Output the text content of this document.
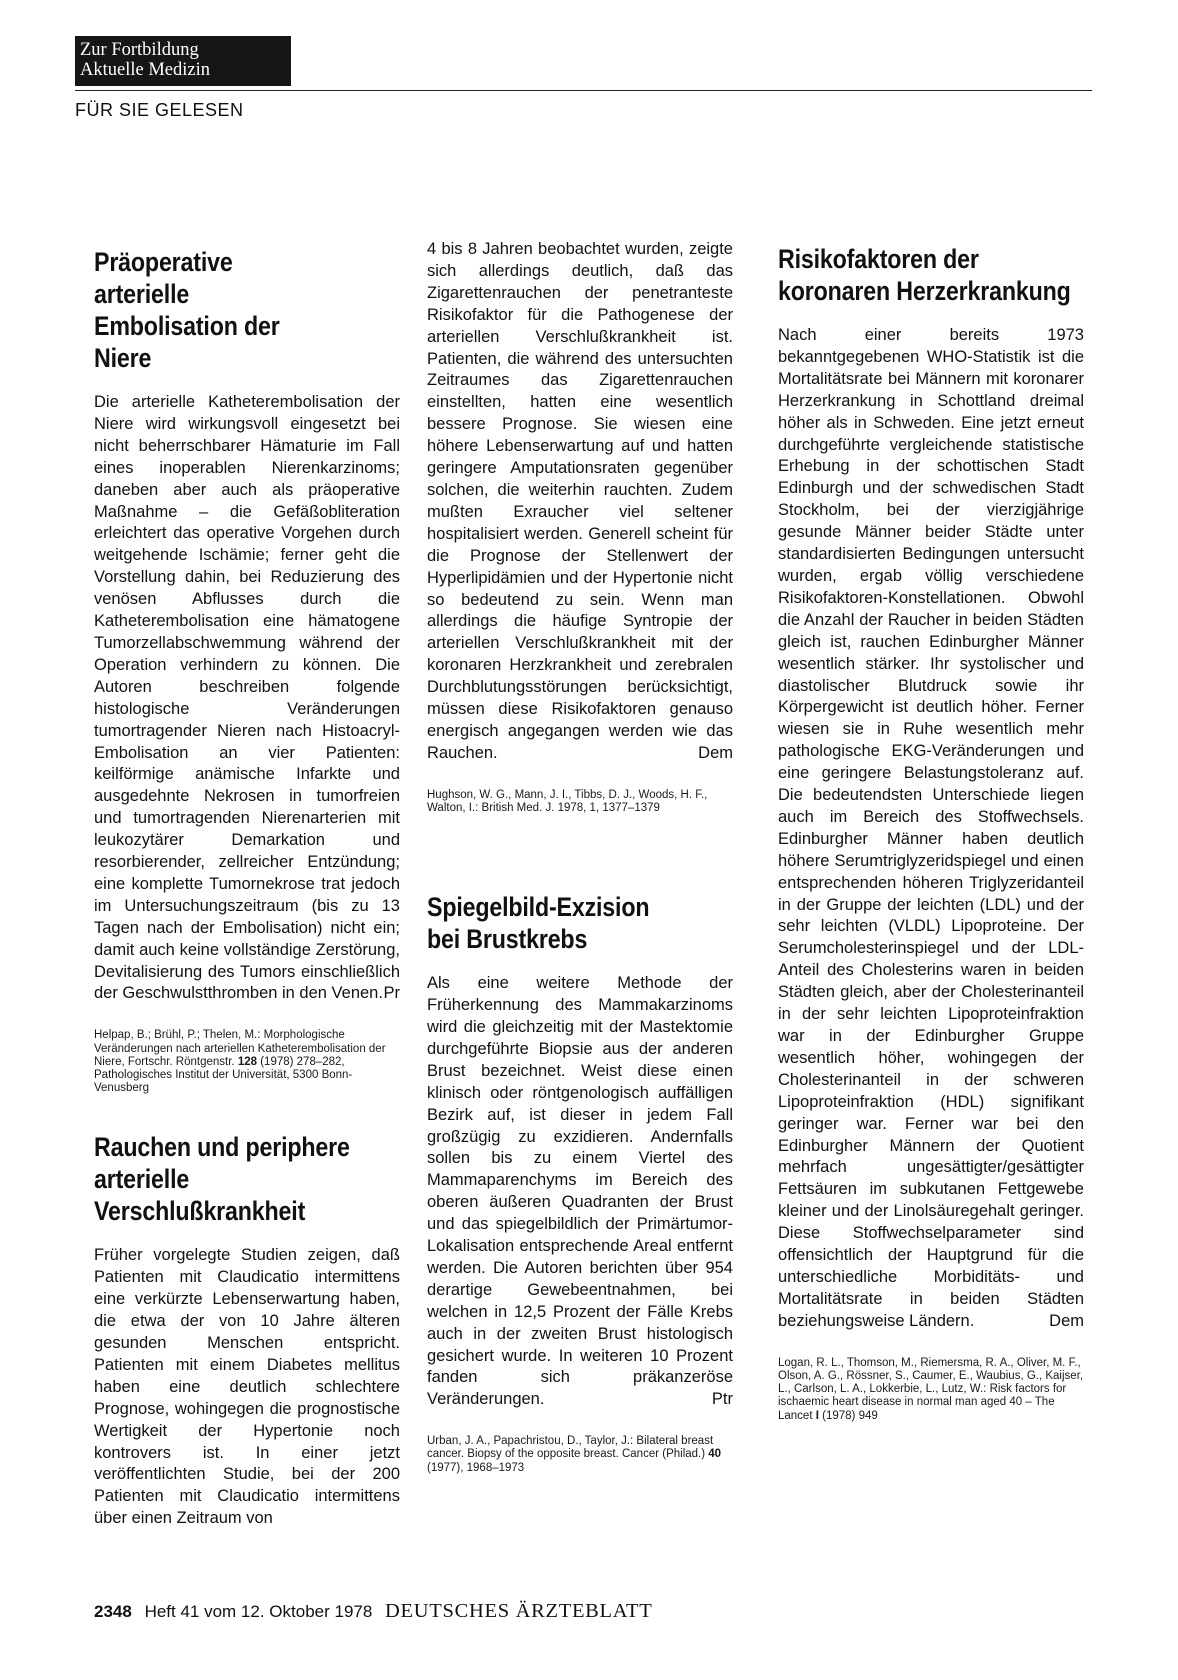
Zur Fortbildung
Aktuelle Medizin
FÜR SIE GELESEN
Präoperative arterielle Embolisation der Niere

Die arterielle Katheterembolisation der Niere wird wirkungsvoll eingesetzt bei nicht beherrschbarer Hämaturie im Fall eines inoperablen Nierenkarzinoms; daneben aber auch als präoperative Maßnahme – die Gefäßobliteration erleichtert das operative Vorgehen durch weitgehende Ischämie; ferner geht die Vorstellung dahin, bei Reduzierung des venösen Abflusses durch die Katheterembolisation eine hämatogene Tumorzellabschwemmung während der Operation verhindern zu können. Die Autoren beschreiben folgende histologische Veränderungen tumortragender Nieren nach Histoacryl-Embolisation an vier Patienten: keilförmige anämische Infarkte und ausgedehnte Nekrosen in tumorfreien und tumortragenden Nierenarterien mit leukozytärer Demarkation und resorbierender, zellreicher Entzündung; eine komplette Tumornekrose trat jedoch im Untersuchungszeitraum (bis zu 13 Tagen nach der Embolisation) nicht ein; damit auch keine vollständige Zerstörung, Devitalisierung des Tumors einschließlich der Geschwulstthromben in den Venen. Pr

Helpap, B.; Brühl, P.; Thelen, M.: Morphologische Veränderungen nach arteriellen Katheterembolisation der Niere, Fortschr. Röntgenstr. 128 (1978) 278–282, Pathologisches Institut der Universität, 5300 Bonn-Venusberg

Rauchen und periphere arterielle Verschlußkrankheit

Früher vorgelegte Studien zeigen, daß Patienten mit Claudicatio intermittens eine verkürzte Lebenserwartung haben, die etwa der von 10 Jahre älteren gesunden Menschen entspricht. Patienten mit einem Diabetes mellitus haben eine deutlich schlechtere Prognose, wohingegen die prognostische Wertigkeit der Hypertonie noch kontrovers ist. In einer jetzt veröffentlichten Studie, bei der 200 Patienten mit Claudicatio intermittens über einen Zeitraum von

4 bis 8 Jahren beobachtet wurden, zeigte sich allerdings deutlich, daß das Zigarettenrauchen der penetranteste Risikofaktor für die Pathogenese der arteriellen Verschlußkrankheit ist. Patienten, die während des untersuchten Zeitraumes das Zigarettenrauchen einstellten, hatten eine wesentlich bessere Prognose. Sie wiesen eine höhere Lebenserwartung auf und hatten geringere Amputationsraten gegenüber solchen, die weiterhin rauchten. Zudem mußten Exraucher viel seltener hospitalisiert werden. Generell scheint für die Prognose der Stellenwert der Hyperlipidämien und der Hypertonie nicht so bedeutend zu sein. Wenn man allerdings die häufige Syntropie der arteriellen Verschlußkrankheit mit der koronaren Herzkrankheit und zerebralen Durchblutungsstörungen berücksichtigt, müssen diese Risikofaktoren genauso energisch angegangen werden wie das Rauchen.	Dem

Hughson, W. G., Mann, J. I., Tibbs, D. J., Woods, H. F., Walton, I.: British Med. J. 1978, 1, 1377–1379

Spiegelbild-Exzision bei Brustkrebs

Als eine weitere Methode der Früherkennung des Mammakarzinoms wird die gleichzeitig mit der Mastektomie durchgeführte Biopsie aus der anderen Brust bezeichnet. Weist diese einen klinisch oder röntgenologisch auffälligen Bezirk auf, ist dieser in jedem Fall großzügig zu exzidieren. Andernfalls sollen bis zu einem Viertel des Mammaparenchyms im Bereich des oberen äußeren Quadranten der Brust und das spiegelbildlich der Primärtumor-Lokalisation entsprechende Areal entfernt werden. Die Autoren berichten über 954 derartige Gewebeentnahmen, bei welchen in 12,5 Prozent der Fälle Krebs auch in der zweiten Brust histologisch gesichert wurde. In weiteren 10 Prozent fanden sich präkanzeröse Veränderungen.	Ptr

Urban, J. A., Papachristou, D., Taylor, J.: Bilateral breast cancer. Biopsy of the opposite breast. Cancer (Philad.) 40 (1977), 1968–1973

Risikofaktoren der koronaren Herzerkrankung

Nach einer bereits 1973 bekanntgegebenen WHO-Statistik ist die Mortalitätsrate bei Männern mit koronarer Herzerkrankung in Schottland dreimal höher als in Schweden. Eine jetzt erneut durchgeführte vergleichende statistische Erhebung in der schottischen Stadt Edinburgh und der schwedischen Stadt Stockholm, bei der vierzigjährige gesunde Männer beider Städte unter standardisierten Bedingungen untersucht wurden, ergab völlig verschiedene Risikofaktoren-Konstellationen. Obwohl die Anzahl der Raucher in beiden Städten gleich ist, rauchen Edinburgher Männer wesentlich stärker. Ihr systolischer und diastolischer Blutdruck sowie ihr Körpergewicht ist deutlich höher. Ferner wiesen sie in Ruhe wesentlich mehr pathologische EKG-Veränderungen und eine geringere Belastungstoleranz auf. Die bedeutendsten Unterschiede liegen auch im Bereich des Stoffwechsels. Edinburgher Männer haben deutlich höhere Serumtriglyzeridspiegel und einen entsprechenden höheren Triglyzeridanteil in der Gruppe der leichten (LDL) und der sehr leichten (VLDL) Lipoproteine. Der Serumcholesterinspiegel und der LDL-Anteil des Cholesterins waren in beiden Städten gleich, aber der Cholesterinanteil in der sehr leichten Lipoproteinfraktion war in der Edinburgher Gruppe wesentlich höher, wohingegen der Cholesterinanteil in der schweren Lipoproteinfraktion (HDL) signifikant geringer war. Ferner war bei den Edinburgher Männern der Quotient mehrfach ungesättigter/gesättigter Fettsäuren im subkutanen Fettgewebe kleiner und der Linolsäuregehalt geringer. Diese Stoffwechselparameter sind offensichtlich der Hauptgrund für die unterschiedliche Morbiditäts- und Mortalitätsrate in beiden Städten beziehungsweise Ländern.	Dem

Logan, R. L., Thomson, M., Riemersma, R. A., Oliver, M. F., Olson, A. G., Rössner, S., Caumer, E., Waubius, G., Kaijser, L., Carlson, L. A., Lokkerbie, L., Lutz, W.: Risk factors for ischaemic heart disease in normal man aged 40 – The Lancet I (1978) 949

2348 Heft 41 vom 12. Oktober 1978 DEUTSCHES ÄRZTEBLATT
